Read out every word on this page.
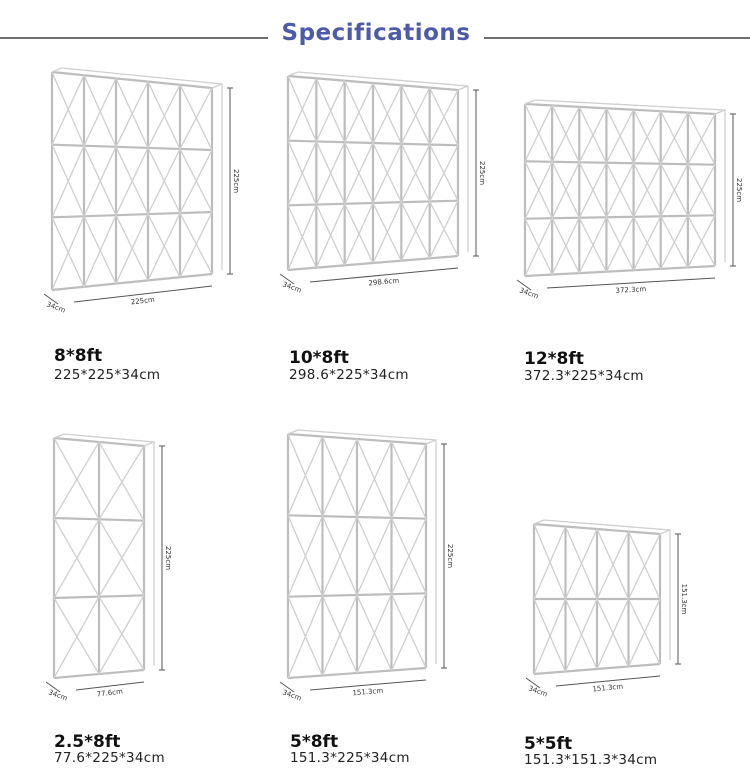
Specifications
225cm
225cm
34cm
8*8ft
225*225*34cm
225cm
298.6cm
34cm
10*8ft
298.6*225*34cm
225cm
372.3cm
34cm
12*8ft
372.3*225*34cm
225cm
77.6cm
34cm
2.5*8ft
77.6*225*34cm
225cm
151.3cm
34cm
5*8ft
151.3*225*34cm
151.3cm
151.3cm
34cm
5*5ft
151.3*151.3*34cm
